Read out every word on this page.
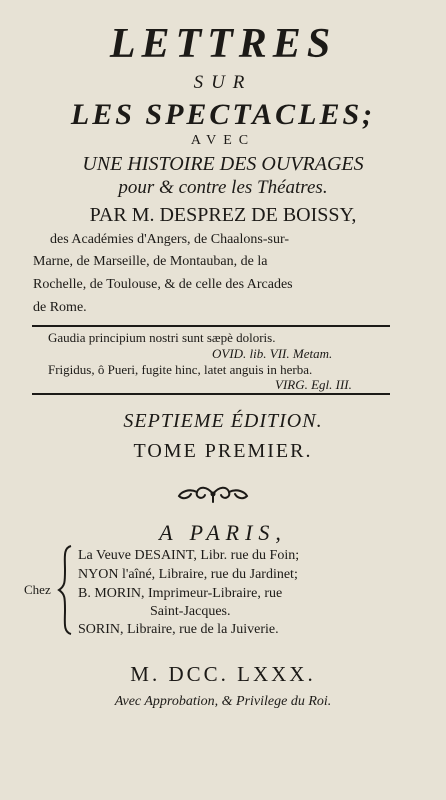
LETTRES
SUR
LES SPECTACLES;
AVEC
UNE HISTOIRE DES OUVRAGES
pour & contre les Théatres.
PAR M. DESPREZ DE BOISSY,
des Académies d'Angers, de Chaalons-sur-
Marne, de Marseille, de Montauban, de la
Rochelle, de Toulouse, & de celle des Arcades
de Rome.
Gaudia principium nostri sunt sæpè doloris.
OVID. lib. VII. Metam.
Frigidus, ô Pueri, fugite hinc, latet anguis in herba.
VIRG. Egl. III.
SEPTIEME ÉDITION.
TOME PREMIER.
A PARIS,
Chez
La Veuve DESAINT, Libr. rue du Foin;
NYON l'aîné, Libraire, rue du Jardinet;
B. MORIN, Imprimeur-Libraire, rue
Saint-Jacques.
SORIN, Libraire, rue de la Juiverie.
M. DCC. LXXX.
Avec Approbation, & Privilege du Roi.
